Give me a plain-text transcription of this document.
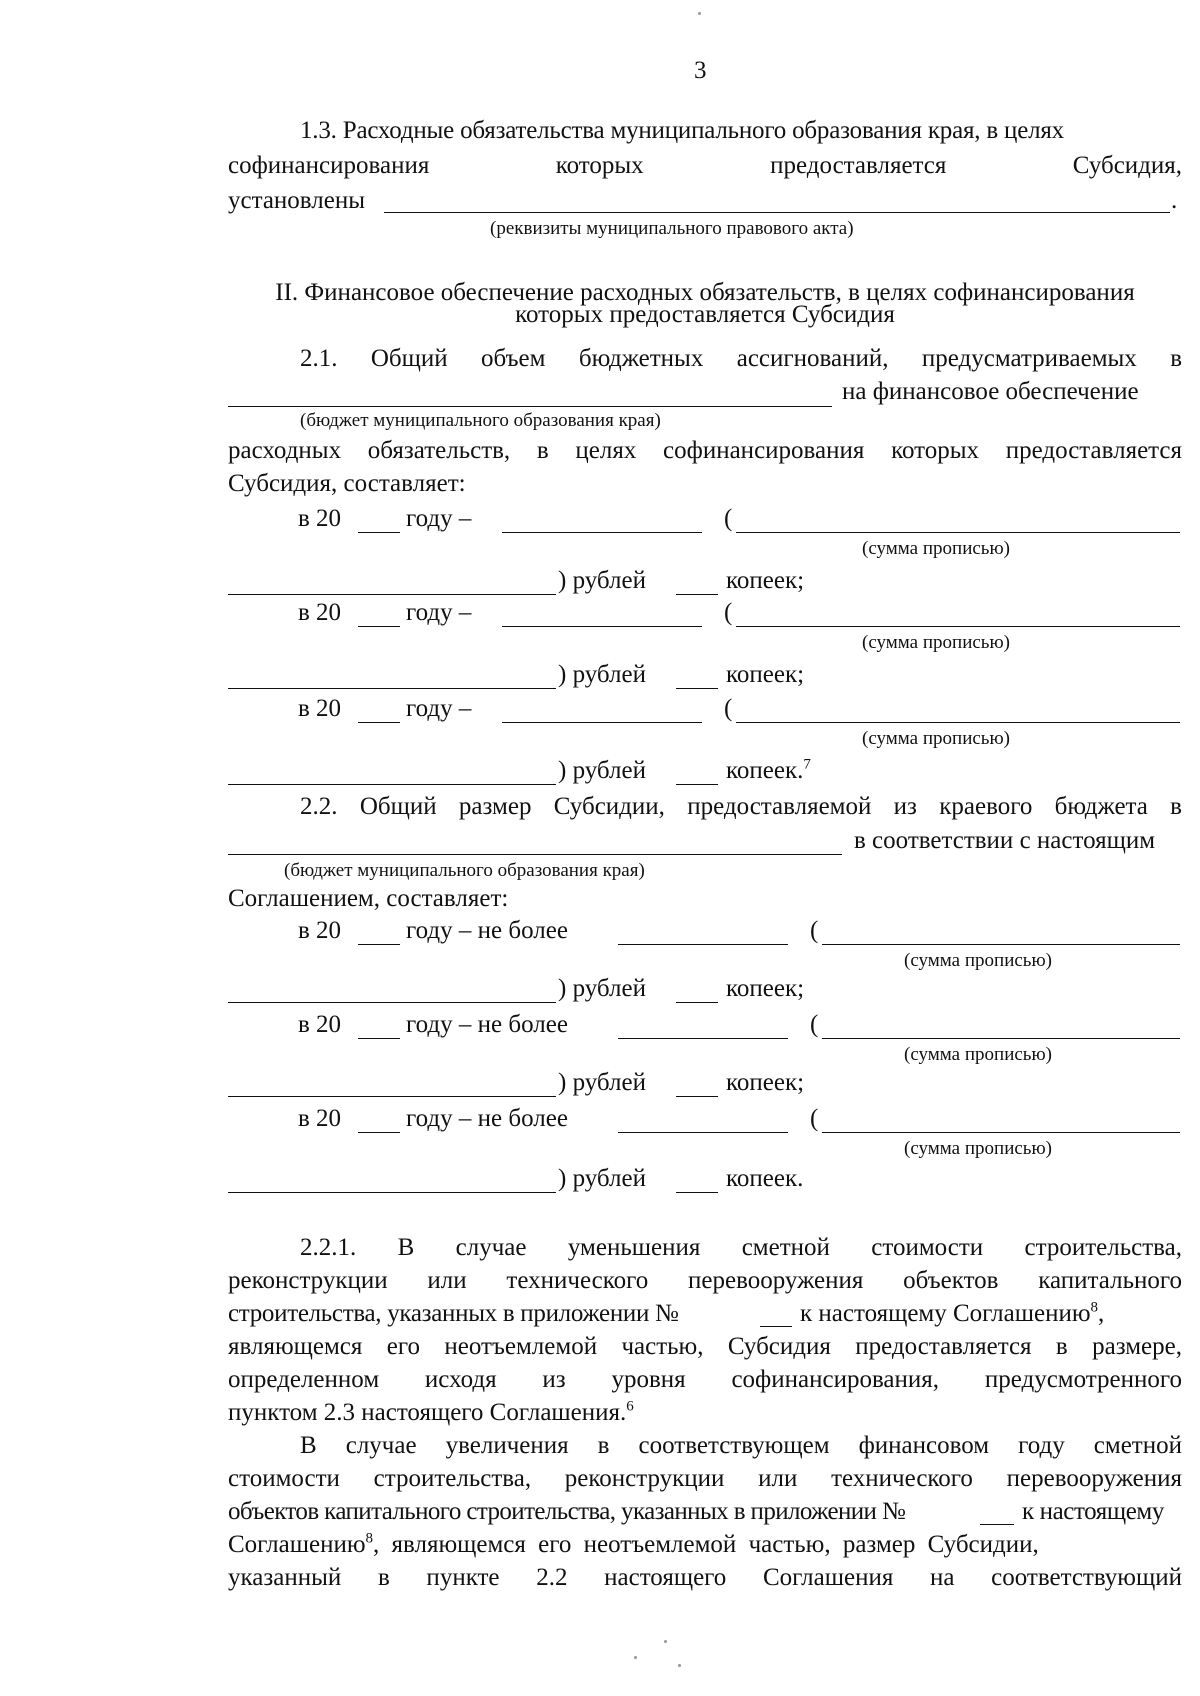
3
1.3. Расходные обязательства муниципального образования края, в целях
софинансирования	которых	предоставляется	Субсидия,
установлены	.
(реквизиты муниципального правового акта)
II. Финансовое обеспечение расходных обязательств, в целях софинансирования
которых предоставляется Субсидия
2.1. Общий объем бюджетных ассигнований, предусматриваемых в
на финансовое обеспечение
(бюджет муниципального образования края)
расходных обязательств, в целях софинансирования которых предоставляется
Субсидия, составляет:
в 20	году –	(
(сумма прописью)
) рублей	копеек;
в 20	году –	(
(сумма прописью)
) рублей	копеек;
в 20	году –	(
(сумма прописью)
) рублей	копеек.$^7$
2.2. Общий размер Субсидии, предоставляемой из краевого бюджета в
в соответствии с настоящим
(бюджет муниципального образования края)
Соглашением, составляет:
в 20	году – не более	(
(сумма прописью)
) рублей	копеек;
в 20	году – не более	(
(сумма прописью)
) рублей	копеек;
в 20	году – не более	(
(сумма прописью)
) рублей	копеек.
2.2.1. В случае уменьшения сметной стоимости строительства,
реконструкции или технического перевооружения объектов капитального
строительства, указанных в приложении №	к настоящему Соглашению$^8$,
являющемся его неотъемлемой частью, Субсидия предоставляется в размере,
определенном исходя из уровня софинансирования, предусмотренного
пунктом 2.3 настоящего Соглашения.$^6$
В случае увеличения в соответствующем финансовом году сметной
стоимости строительства, реконструкции или технического перевооружения
объектов капитального строительства, указанных в приложении №	к настоящему
Соглашению$^8$, являющемся его неотъемлемой частью, размер Субсидии,
указанный в пункте 2.2 настоящего Соглашения на соответствующий
